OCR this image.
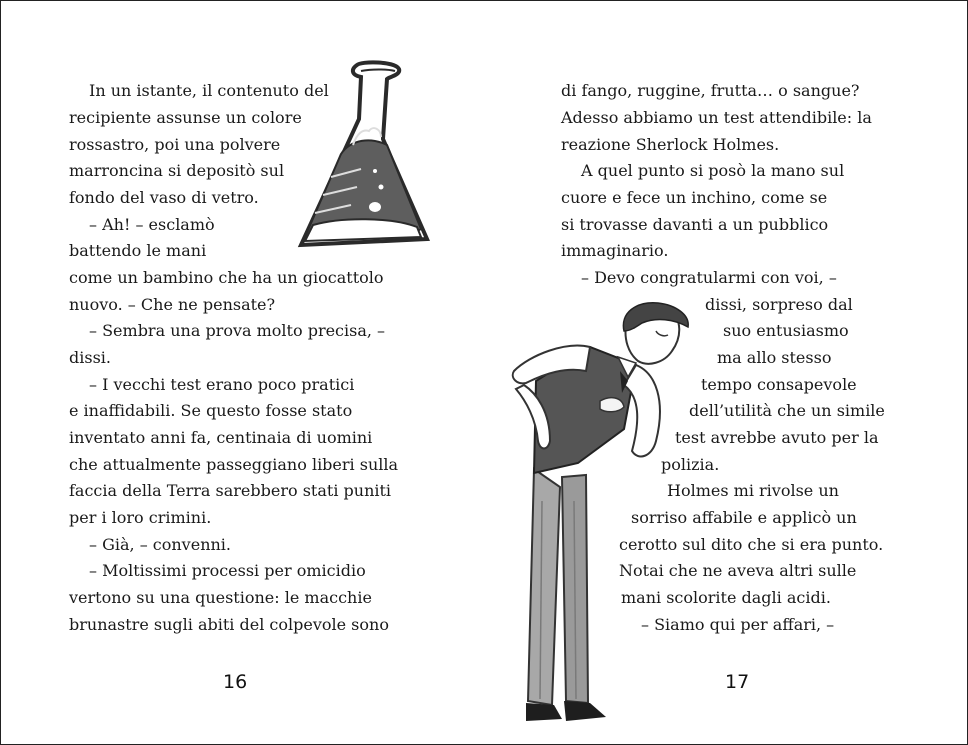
In un istante, il contenuto del

recipiente assunse un colore

rossastro, poi una polvere

marroncina si depositò sul

fondo del vaso di vetro.

– Ah! – esclamò

battendo le mani

come un bambino che ha un giocattolo

nuovo. – Che ne pensate?

– Sembra una prova molto precisa, –

dissi.

– I vecchi test erano poco pratici

e inaffidabili. Se questo fosse stato

inventato anni fa, centinaia di uomini

che attualmente passeggiano liberi sulla

faccia della Terra sarebbero stati puniti

per i loro crimini.

– Già, – convenni.

– Moltissimi processi per omicidio

vertono su una questione: le macchie

brunastre sugli abiti del colpevole sono

16

di fango, ruggine, frutta… o sangue?

Adesso abbiamo un test attendibile: la

reazione Sherlock Holmes.

A quel punto si posò la mano sul

cuore e fece un inchino, come se

si trovasse davanti a un pubblico

immaginario.

– Devo congratularmi con voi, –

dissi, sorpreso dal

suo entusiasmo

ma allo stesso

tempo consapevole

dell’utilità che un simile

test avrebbe avuto per la

polizia.

Holmes mi rivolse un

sorriso affabile e applicò un

cerotto sul dito che si era punto.

Notai che ne aveva altri sulle

mani scolorite dagli acidi.

– Siamo qui per affari, –

17
